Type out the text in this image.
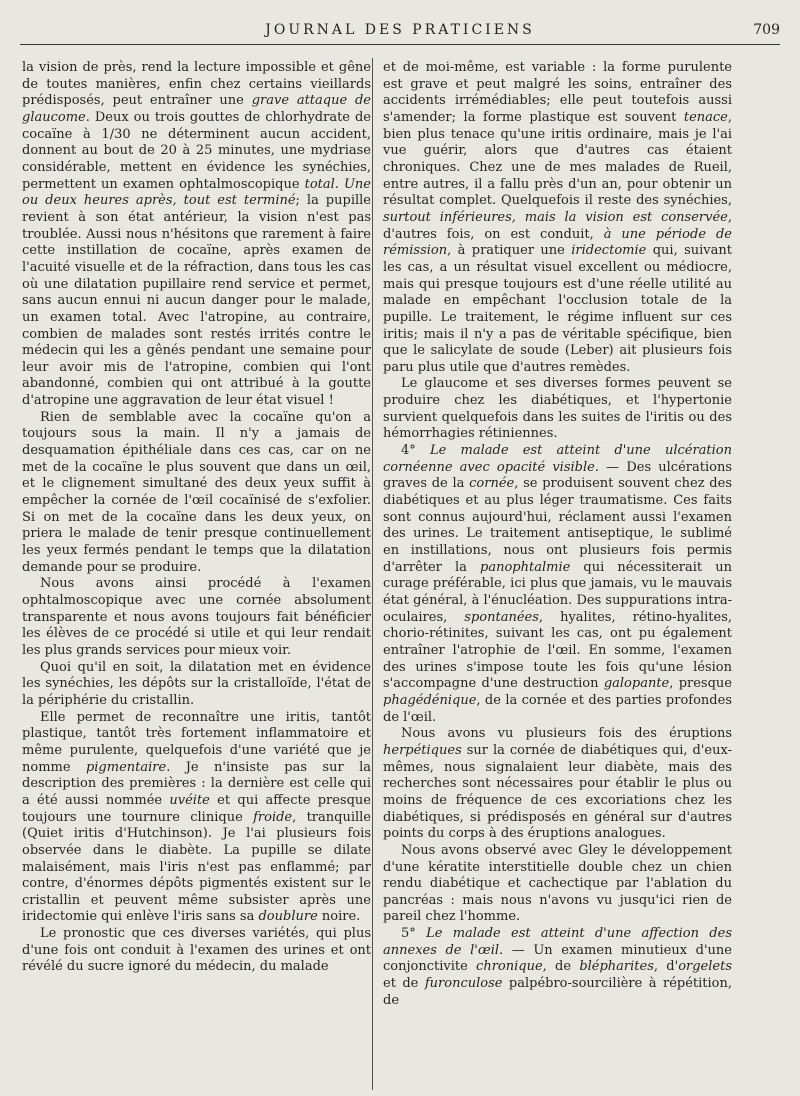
JOURNAL DES PRATICIENS	709

la vision de près, rend la lecture impossible et gêne de toutes manières, enfin chez certains vieillards prédisposés, peut entraîner une grave attaque de glaucome. Deux ou trois gouttes de chlorhydrate de cocaïne à 1/30 ne déterminent aucun accident, donnent au bout de 20 à 25 minutes, une mydriase considérable, mettent en évidence les synéchies, permettent un examen ophtalmoscopique total. Une ou deux heures après, tout est terminé; la pupille revient à son état antérieur, la vision n'est pas troublée. Aussi nous n'hésitons que rarement à faire cette instillation de cocaïne, après examen de l'acuité visuelle et de la réfraction, dans tous les cas où une dilatation pupillaire rend service et permet, sans aucun ennui ni aucun danger pour le malade, un examen total. Avec l'atropine, au contraire, combien de malades sont restés irrités contre le médecin qui les a gênés pendant une semaine pour leur avoir mis de l'atropine, combien qui l'ont abandonné, combien qui ont attribué à la goutte d'atropine une aggravation de leur état visuel !

Rien de semblable avec la cocaïne qu'on a toujours sous la main. Il n'y a jamais de desquamation épithéliale dans ces cas, car on ne met de la cocaïne le plus souvent que dans un œil, et le clignement simultané des deux yeux suffit à empêcher la cornée de l'œil cocaïnisé de s'exfolier. Si on met de la cocaïne dans les deux yeux, on priera le malade de tenir presque continuellement les yeux fermés pendant le temps que la dilatation demande pour se produire.

Nous avons ainsi procédé à l'examen ophtalmoscopique avec une cornée absolument transparente et nous avons toujours fait bénéficier les élèves de ce procédé si utile et qui leur rendait les plus grands services pour mieux voir.

Quoi qu'il en soit, la dilatation met en évidence les synéchies, les dépôts sur la cristalloïde, l'état de la périphérie du cristallin.

Elle permet de reconnaître une iritis, tantôt plastique, tantôt très fortement inflammatoire et même purulente, quelquefois d'une variété que je nomme pigmentaire. Je n'insiste pas sur la description des premières : la dernière est celle qui a été aussi nommée uvéite et qui affecte presque toujours une tournure clinique froide, tranquille (Quiet iritis d'Hutchinson). Je l'ai plusieurs fois observée dans le diabète. La pupille se dilate malaisément, mais l'iris n'est pas enflammé; par contre, d'énormes dépôts pigmentés existent sur le cristallin et peuvent même subsister après une iridectomie qui enlève l'iris sans sa doublure noire.

Le pronostic que ces diverses variétés, qui plus d'une fois ont conduit à l'examen des urines et ont révélé du sucre ignoré du médecin, du malade

et de moi-même, est variable : la forme purulente est grave et peut malgré les soins, entraîner des accidents irrémédiables; elle peut toutefois aussi s'amender; la forme plastique est souvent tenace, bien plus tenace qu'une iritis ordinaire, mais je l'ai vue guérir, alors que d'autres cas étaient chroniques. Chez une de mes malades de Rueil, entre autres, il a fallu près d'un an, pour obtenir un résultat complet. Quelquefois il reste des synéchies, surtout inférieures, mais la vision est conservée, d'autres fois, on est conduit, à une période de rémission, à pratiquer une iridectomie qui, suivant les cas, a un résultat visuel excellent ou médiocre, mais qui presque toujours est d'une réelle utilité au malade en empêchant l'occlusion totale de la pupille. Le traitement, le régime influent sur ces iritis; mais il n'y a pas de véritable spécifique, bien que le salicylate de soude (Leber) ait plusieurs fois paru plus utile que d'autres remèdes.

Le glaucome et ses diverses formes peuvent se produire chez les diabétiques, et l'hypertonie survient quelquefois dans les suites de l'iritis ou des hémorrhagies rétiniennes.

4° Le malade est atteint d'une ulcération cornéenne avec opacité visible. — Des ulcérations graves de la cornée, se produisent souvent chez des diabétiques et au plus léger traumatisme. Ces faits sont connus aujourd'hui, réclament aussi l'examen des urines. Le traitement antiseptique, le sublimé en instillations, nous ont plusieurs fois permis d'arrêter la panophtalmie qui nécessiterait un curage préférable, ici plus que jamais, vu le mauvais état général, à l'énucléation. Des suppurations intra-oculaires, spontanées, hyalites, rétino-hyalites, chorio-rétinites, suivant les cas, ont pu également entraîner l'atrophie de l'œil. En somme, l'examen des urines s'impose toute les fois qu'une lésion s'accompagne d'une destruction galopante, presque phagédénique, de la cornée et des parties profondes de l'œil.

Nous avons vu plusieurs fois des éruptions herpétiques sur la cornée de diabétiques qui, d'eux-mêmes, nous signalaient leur diabète, mais des recherches sont nécessaires pour établir le plus ou moins de fréquence de ces excoriations chez les diabétiques, si prédisposés en général sur d'autres points du corps à des éruptions analogues.

Nous avons observé avec Gley le développement d'une kératite interstitielle double chez un chien rendu diabétique et cachectique par l'ablation du pancréas : mais nous n'avons vu jusqu'ici rien de pareil chez l'homme.

5° Le malade est atteint d'une affection des annexes de l'œil. — Un examen minutieux d'une conjonctivite chronique, de blépharites, d'orgelets et de furonculose palpébro-sourcilière à répétition, de
